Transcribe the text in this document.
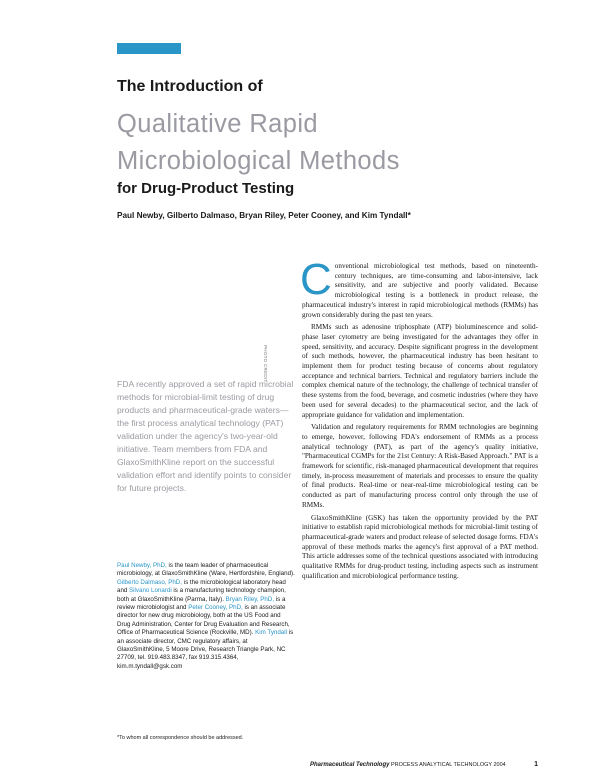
The Introduction of
Qualitative Rapid
Microbiological Methods
for Drug-Product Testing
Paul Newby, Gilberto Dalmaso, Bryan Riley, Peter Cooney, and Kim Tyndall*
PHOTO CREDIT
FDA recently approved a set of rapid microbial methods for microbial-limit testing of drug products and pharmaceutical-grade waters—the first process analytical technology (PAT) validation under the agency's two-year-old initiative. Team members from FDA and GlaxoSmithKline report on the successful validation effort and identify points to consider for future projects.
Paul Newby, PhD, is the team leader of pharmaceutical microbiology, at GlaxoSmithKline (Ware, Hertfordshire, England). Gilberto Dalmaso, PhD, is the microbiological laboratory head and Silvano Lonardi is a manufacturing technology champion, both at GlaxoSmithKline (Parma, Italy). Bryan Riley, PhD, is a review microbiologist and Peter Cooney, PhD, is an associate director for new drug microbiology, both at the US Food and Drug Administration, Center for Drug Evaluation and Research, Office of Pharmaceutical Science (Rockville, MD). Kim Tyndall is an associate director, CMC regulatory affairs, at GlaxoSmithKline, 5 Moore Drive, Research Triangle Park, NC 27709, tel. 919.483.8347, fax 919.315.4364, kim.m.tyndall@gsk.com
*To whom all correspondence should be addressed.

Conventional microbiological test methods, based on nineteenth-century techniques, are time-consuming and labor-intensive, lack sensitivity, and are subjective and poorly validated. Because microbiological testing is a bottleneck in product release, the pharmaceutical industry's interest in rapid microbiological methods (RMMs) has grown considerably during the past ten years.

RMMs such as adenosine triphosphate (ATP) bioluminescence and solid-phase laser cytometry are being investigated for the advantages they offer in speed, sensitivity, and accuracy. Despite significant progress in the development of such methods, however, the pharmaceutical industry has been hesitant to implement them for product testing because of concerns about regulatory acceptance and technical barriers. Technical and regulatory barriers include the complex chemical nature of the technology, the challenge of technical transfer of these systems from the food, beverage, and cosmetic industries (where they have been used for several decades) to the pharmaceutical sector, and the lack of appropriate guidance for validation and implementation.

Validation and regulatory requirements for RMM technologies are beginning to emerge, however, following FDA's endorsement of RMMs as a process analytical technology (PAT), as part of the agency's quality initiative, "Pharmaceutical CGMPs for the 21st Century: A Risk-Based Approach." PAT is a framework for scientific, risk-managed pharmaceutical development that requires timely, in-process measurement of materials and processes to ensure the quality of final products. Real-time or near-real-time microbiological testing can be conducted as part of manufacturing process control only through the use of RMMs.

GlaxoSmithKline (GSK) has taken the opportunity provided by the PAT initiative to establish rapid microbiological methods for microbial-limit testing of pharmaceutical-grade waters and product release of selected dosage forms. FDA's approval of these methods marks the agency's first approval of a PAT method. This article addresses some of the technical questions associated with introducing qualitative RMMs for drug-product testing, including aspects such as instrument qualification and microbiological performance testing.

Pharmaceutical Technology PROCESS ANALYTICAL TECHNOLOGY 2004	1
